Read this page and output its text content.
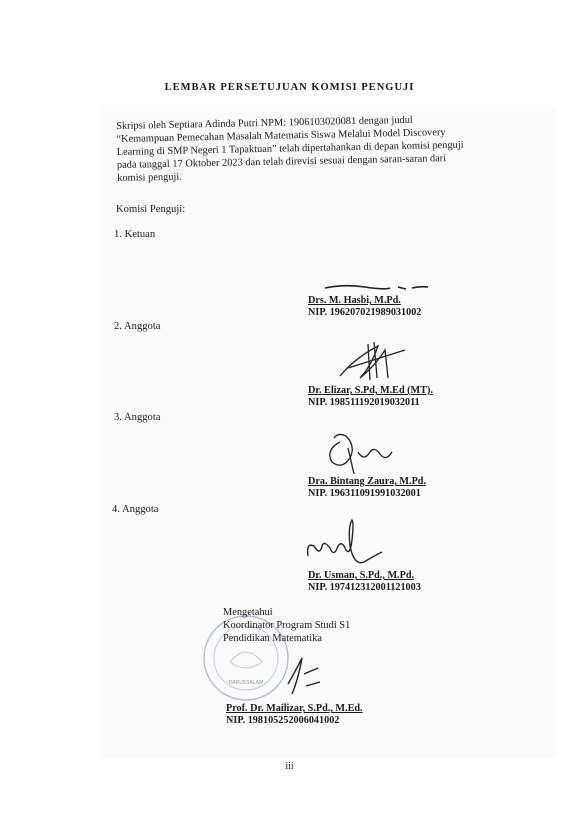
LEMBAR PERSETUJUAN KOMISI PENGUJI
Skripsi oleh Septiara Adinda Putri NPM: 1906103020081 dengan judul
“Kemampuan Pemecahan Masalah Matematis Siswa Melalui Model Discovery
Learning di SMP Negeri 1 Tapaktuan” telah dipertahankan di depan komisi penguji
pada tanggal 17 Oktober 2023 dan telah direvisi sesuai dengan saran-saran dari
komisi penguji.
Komisi Penguji:
1. Ketuan
Drs. M. Hasbi, M.Pd.
NIP. 196207021989031002
2. Anggota
Dr. Elizar, S.Pd, M.Ed (MT).
NIP. 198511192019032011
3. Anggota
Dra. Bintang Zaura, M.Pd.
NIP. 196311091991032001
4. Anggota
Dr. Usman, S.Pd., M.Pd.
NIP. 197412312001121003
DARUSSALAM
Mengetahui
Koordinator Program Studi S1
Pendidikan Matematika
Prof. Dr. Mailizar, S.Pd., M.Ed.
NIP. 198105252006041002
iii
